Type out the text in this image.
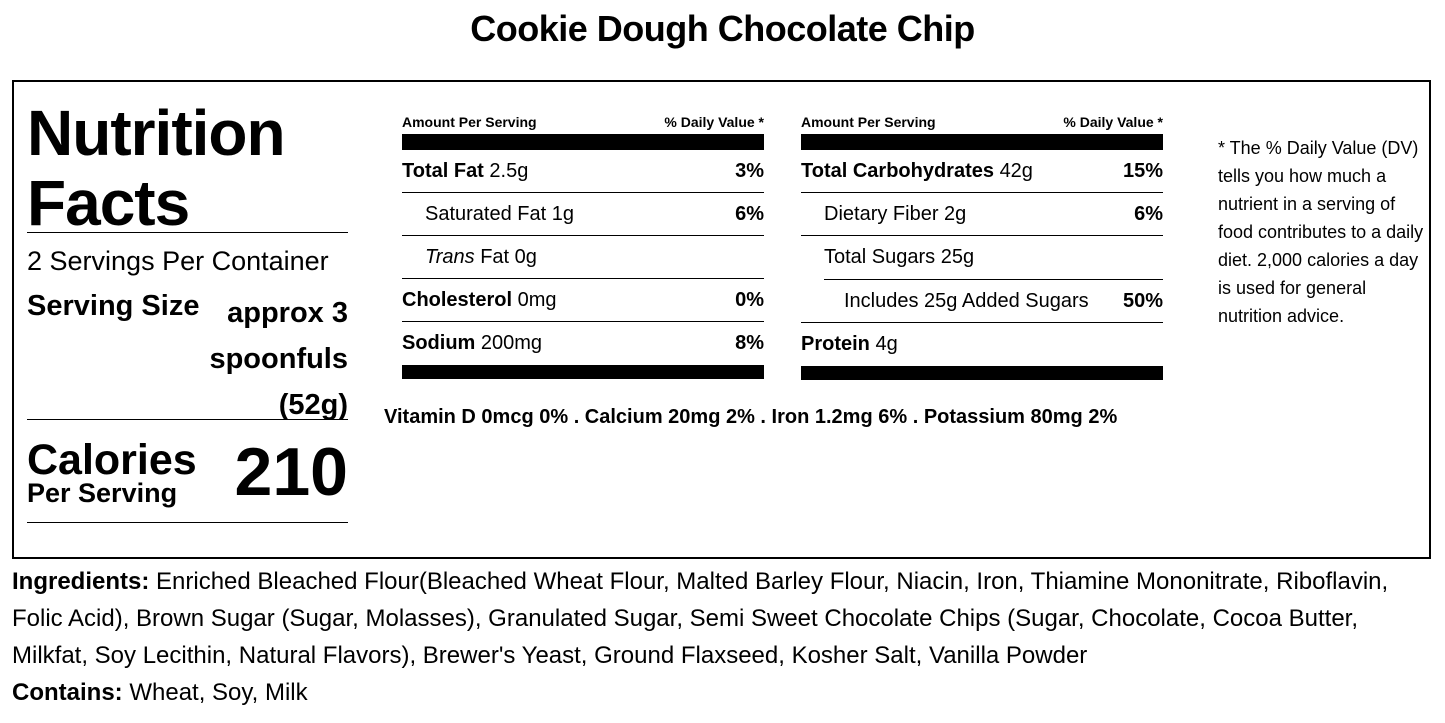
Cookie Dough Chocolate Chip
Nutrition
Facts
2 Servings Per Container
Serving Size approx 3
spoonfuls
(52g)
Calories
Per Serving 210
Amount Per Serving	% Daily Value *
Total Fat 2.5g	3%
Saturated Fat 1g	6%
Trans Fat 0g
Cholesterol 0mg	0%
Sodium 200mg	8%
Amount Per Serving	% Daily Value *
Total Carbohydrates 42g	15%
Dietary Fiber 2g	6%
Total Sugars 25g
Includes 25g Added Sugars 50%
Protein 4g
Vitamin D 0mcg 0% . Calcium 20mg 2% . Iron 1.2mg 6% . Potassium 80mg 2%
* The % Daily Value (DV) tells you how much a nutrient in a serving of food contributes to a daily diet. 2,000 calories a day is used for general nutrition advice.
Ingredients: Enriched Bleached Flour(Bleached Wheat Flour, Malted Barley Flour, Niacin, Iron, Thiamine Mononitrate, Riboflavin, Folic Acid), Brown Sugar (Sugar, Molasses), Granulated Sugar, Semi Sweet Chocolate Chips (Sugar, Chocolate, Cocoa Butter, Milkfat, Soy Lecithin, Natural Flavors), Brewer's Yeast, Ground Flaxseed, Kosher Salt, Vanilla Powder
Contains: Wheat, Soy, Milk
